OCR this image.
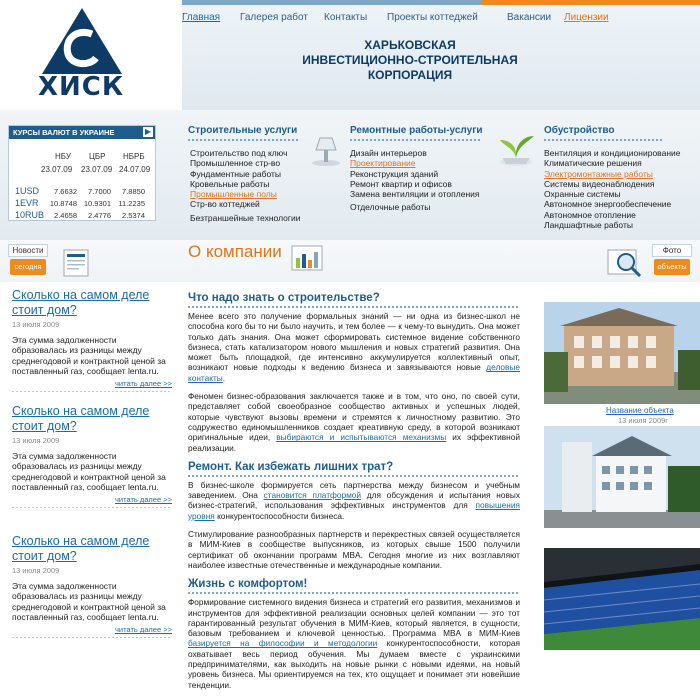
ХИСК
Главная Галерея работ Контакты Проекты коттеджей	Вакансии Лицензии
ХАРЬКОВСКАЯ
ИНВЕСТИЦИОННО-СТРОИТЕЛЬНАЯ
КОРПОРАЦИЯ
КУРСЫ ВАЛЮТ В УКРАИНЕ	▶
НБУ ЦБР НБРБ
23.07.09 23.07.09 24.07.09
1USD	7.6632	7.7000	7.8850
1EVR	10.8748 10.9301 11.2235
10RUB	2.4658	2.4776	2.5374
Строительные услуги
Строительство под ключ
Промышленное стр-во
Фундаментные работы
Кровельные работы
Промышленные полы
Стр-во коттеджей
Безтраншейные технологии
Ремонтные работы-услуги
Дизайн интерьеров
Проектирование
Реконструкция зданий
Ремонт квартир и офисов
Замена вентиляции и отопления
Отделочные работы
Обустройство
Вентиляция и кондиционирование
Климатические решения
Электромонтажные работы
Системы видеонаблюдения
Охранные системы
Автономное энергообеспечение
Автономное отопление
Ландшафтные работы
Новости
сегодня
О компании	Фото
объекты
Сколько на самом деле стоит дом?
13 июля 2009
Эта сумма задолженности образовалась из разницы между среднегодовой и контрактной ценой за поставленный газ, сообщает lenta.ru.
читать далее >>
Сколько на самом деле стоит дом?
13 июля 2009
Эта сумма задолженности образовалась из разницы между среднегодовой и контрактной ценой за поставленный газ, сообщает lenta.ru.
читать далее >>
Сколько на самом деле стоит дом?
13 июля 2009
Эта сумма задолженности образовалась из разницы между среднегодовой и контрактной ценой за поставленный газ, сообщает lenta.ru.
читать далее >>
Что надо знать о строительстве?

Менее всего это получение формальных знаний — ни одна из бизнес-школ не способна кого бы то ни было научить, и тем более — к чему-то вынудить. Она может только дать знания. Она может сформировать системное видение собственного бизнеса, стать катализатором нового мышления и новых стратегий развития. Она может быть площадкой, где интенсивно аккумулируется коллективный опыт, возникают новые подходы к ведению бизнеса и завязываются новые деловые контакты.

Феномен бизнес-образования заключается также и в том, что оно, по своей сути, представляет собой своеобразное сообщество активных и успешных людей, которые чувствуют вызовы времени и стремятся к личностному развитию. Это содружество единомышленников создает креативную среду, в которой возникают оригинальные идеи, выбираются и испытываются механизмы их эффективной реализации.

Ремонт. Как избежать лишних трат?

В бизнес-школе формируется сеть партнерства между бизнесом и учебным заведением. Она становится платформой для обсуждения и испытания новых бизнес-стратегий, использования эффективных инструментов для повышения уровня конкурентоспособности бизнеса.

Стимулирование разнообразных партнерств и перекрестных связей осуществляется в МИМ-Киев в сообществе выпускников, из которых свыше 1500 получили сертификат об окончании программ MBA. Сегодня многие из них возглавляют наиболее известные отечественные и международные компании.

Жизнь с комфортом!

Формирование системного видения бизнеса и стратегий его развития, механизмов и инструментов для эффективной реализации основных целей компании — это тот гарантированный результат обучения в МИМ-Киев, который является, в сущности, базовым требованием и ключевой ценностью. Программа MBA в МИМ-Киев базируется на философии и методологии конкурентоспособности, которая охватывает весь период обучения. Мы думаем вместе с украинскими предпринимателями, как выходить на новые рынки с новыми идеями, на новый уровень бизнеса. Мы ориентируемся на тех, кто ощущает и понимает эти новейшие тенденции.

Название объекта
13 июля 2009г
